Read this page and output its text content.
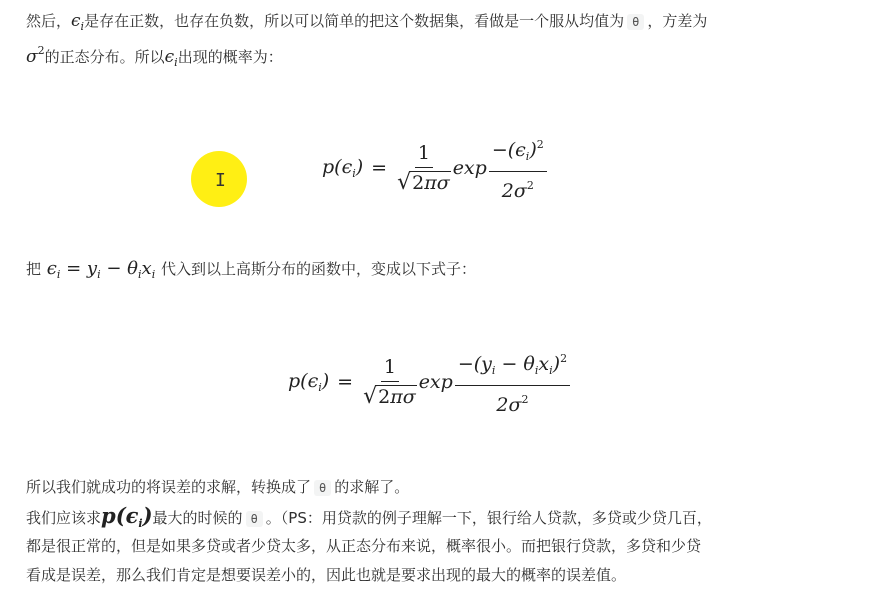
然后，$\epsilon_i$是存在正数，也存在负数，所以可以简单的把这个数据集，看做是一个服从均值为 θ ，方差为
$\sigma^2$的正态分布。所以$\epsilon_i$出现的概率为：
$p(\epsilon_i) = \frac{1}{√ 2\pi\sigma}$ $\exp \frac{-(\epsilon_i)^2}{2\sigma^2}$
I
把 $\epsilon_i = y_i - \theta_ix_i$ 代入到以上高斯分布的函数中，变成以下式子：
$p(\epsilon_i) = \frac{1}{√ 2\pi\sigma}$ $\exp \frac{-(y_i - \theta_ix_i)^2}{2\sigma^2}$
所以我们就成功的将误差的求解，转换成了 θ 的求解了。
我们应该求$p(\epsilon_i)$最大的时候的 θ 。（PS：用贷款的例子理解一下，银行给人贷款，多贷或少贷几百，
都是很正常的，但是如果多贷或者少贷太多，从正态分布来说，概率很小。而把银行贷款，多贷和少贷
看成是误差，那么我们肯定是想要误差小的，因此也就是要求出现的最大的概率的误差值。
